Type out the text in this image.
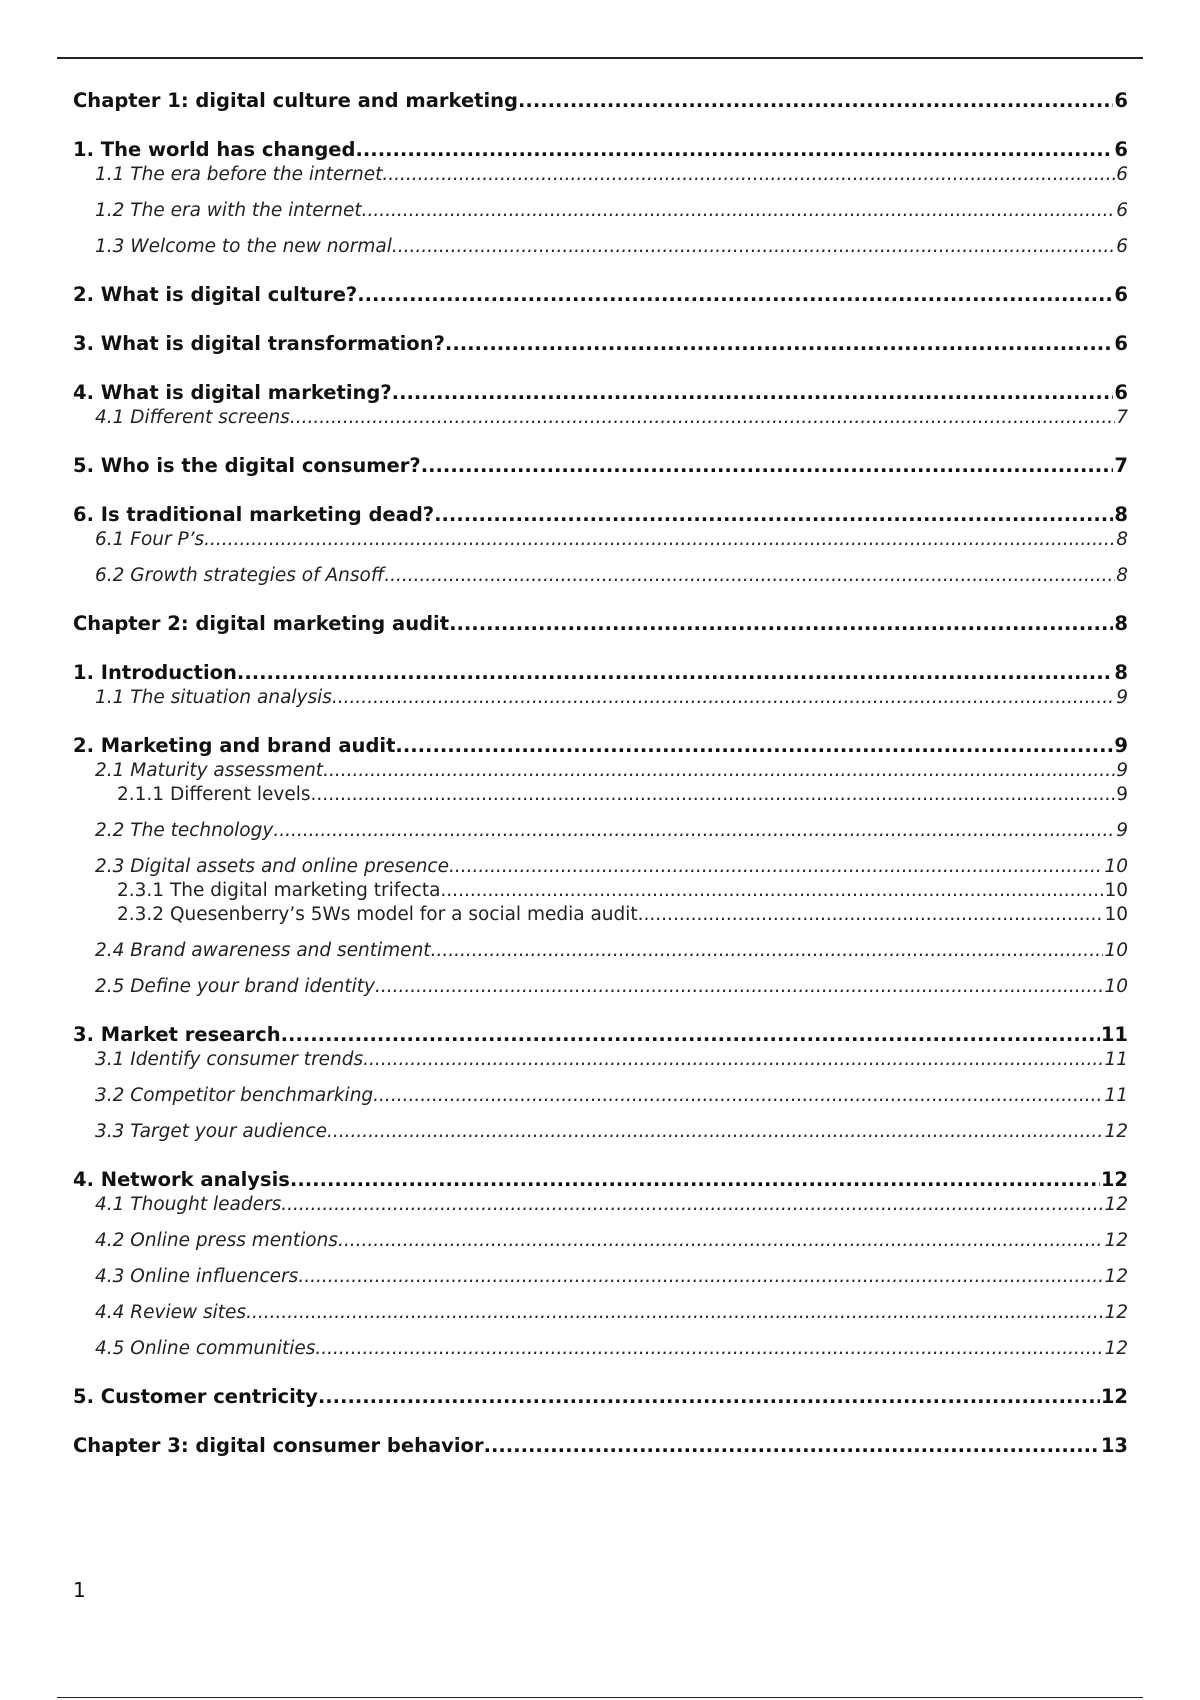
Chapter 1: digital culture and marketing .....	6
1. The world has changed .....	6
1.1 The era before the internet .....	6
1.2 The era with the internet .....	6
1.3 Welcome to the new normal .....	6
2. What is digital culture? .....	6
3. What is digital transformation? .....	6
4. What is digital marketing? .....	6
4.1 Different screens .....	7
5. Who is the digital consumer? .....	7
6. Is traditional marketing dead? .....	8
6.1 Four P’s .....	8
6.2 Growth strategies of Ansoff .....	8
Chapter 2: digital marketing audit .....	8
1. Introduction .....	8
1.1 The situation analysis .....	9
2. Marketing and brand audit .....	9
2.1 Maturity assessment .....	9
2.1.1 Different levels .....	9
2.2 The technology .....	9
2.3 Digital assets and online presence .....	10
2.3.1 The digital marketing trifecta .....	10
2.3.2 Quesenberry’s 5Ws model for a social media audit .....	10
2.4 Brand awareness and sentiment .....	10
2.5 Define your brand identity .....	10
3. Market research .....	11
3.1 Identify consumer trends .....	11
3.2 Competitor benchmarking .....	11
3.3 Target your audience .....	12
4. Network analysis .....	12
4.1 Thought leaders .....	12
4.2 Online press mentions .....	12
4.3 Online influencers .....	12
4.4 Review sites .....	12
4.5 Online communities .....	12
5. Customer centricity .....	12
Chapter 3: digital consumer behavior .....	13
1
